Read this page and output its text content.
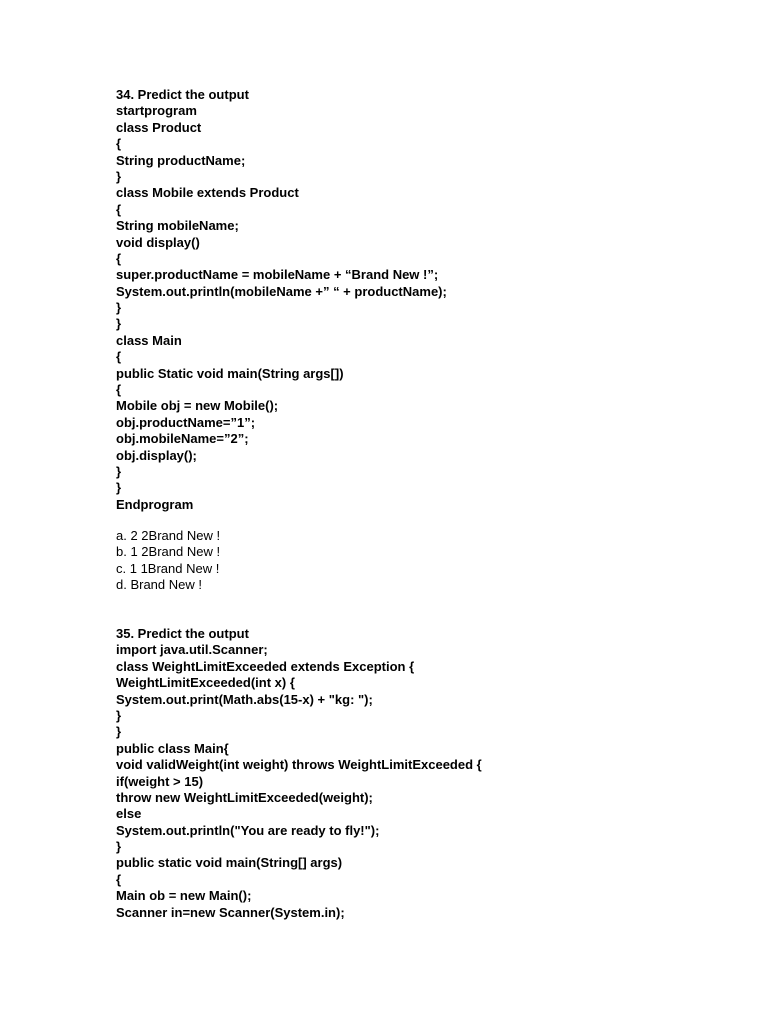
34. Predict the output
startprogram
class Product
{
String productName;
}
class Mobile extends Product
{
String mobileName;
void display()
{
super.productName = mobileName + “Brand New !”;
System.out.println(mobileName +” “ + productName);
}
}
class Main
{
public Static void main(String args[])
{
Mobile obj = new Mobile();
obj.productName=”1”;
obj.mobileName=”2”;
obj.display();
}
}
Endprogram
a. 2 2Brand New !
b. 1 2Brand New !
c. 1 1Brand New !
d. Brand New !
35. Predict the output
import java.util.Scanner;
class WeightLimitExceeded extends Exception {
WeightLimitExceeded(int x) {
System.out.print(Math.abs(15-x) + "kg: ");
}
}
public class Main{
void validWeight(int weight) throws WeightLimitExceeded {
if(weight > 15)
throw new WeightLimitExceeded(weight);
else
System.out.println("You are ready to fly!");
}
public static void main(String[] args)
{
Main ob = new Main();
Scanner in=new Scanner(System.in);
